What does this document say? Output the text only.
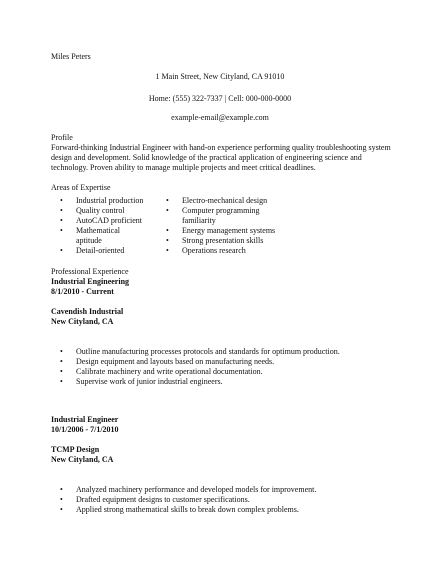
Miles Peters
1 Main Street, New Cityland, CA 91010
Home: (555) 322-7337 | Cell: 000-000-0000
example-email@example.com
Profile
Forward-thinking Industrial Engineer with hand-on experience performing quality troubleshooting system design and development. Solid knowledge of the practical application of engineering science and technology. Proven ability to manage multiple projects and meet critical deadlines.
Areas of Expertise
• Industrial production
• Quality control
• AutoCAD proficient
• Mathematical aptitude
• Detail-oriented
• Electro-mechanical design
• Computer programming familiarity
• Energy management systems
• Strong presentation skills
• Operations research
Professional Experience
Industrial Engineering
8/1/2010 - Current
Cavendish Industrial
New Cityland, CA
• Outline manufacturing processes protocols and standards for optimum production.
• Design equipment and layouts based on manufacturing needs.
• Calibrate machinery and write operational documentation.
• Supervise work of junior industrial engineers.
Industrial Engineer
10/1/2006 - 7/1/2010
TCMP Design
New Cityland, CA
• Analyzed machinery performance and developed models for improvement.
• Drafted equipment designs to customer specifications.
• Applied strong mathematical skills to break down complex problems.
